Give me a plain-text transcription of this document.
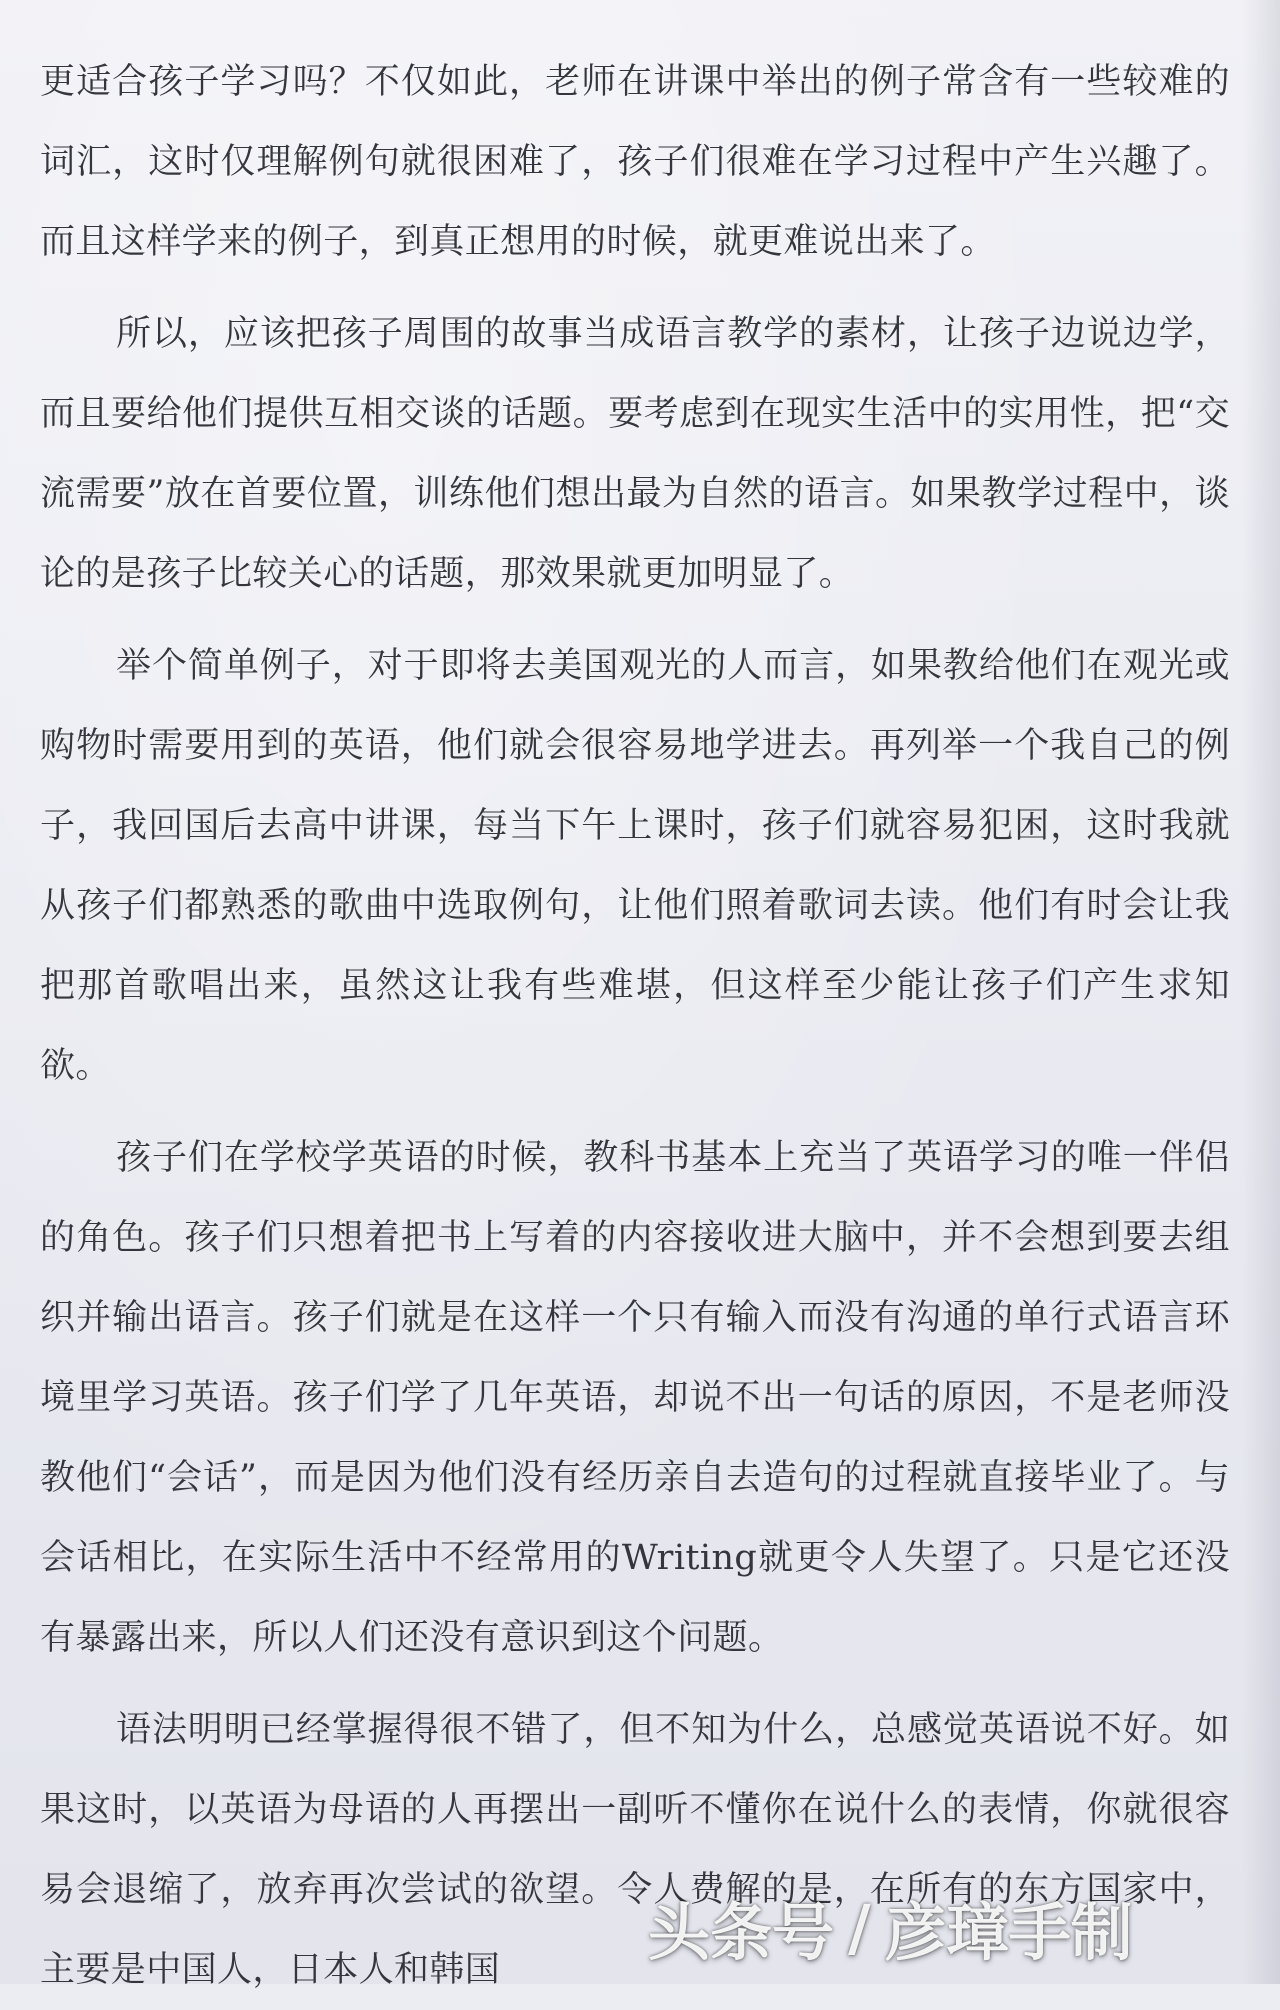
更适合孩子学习吗？不仅如此，老师在讲课中举出的例子常含有一些较难的词汇，这时仅理解例句就很困难了，孩子们很难在学习过程中产生兴趣了。而且这样学来的例子，到真正想用的时候，就更难说出来了。

所以，应该把孩子周围的故事当成语言教学的素材，让孩子边说边学，而且要给他们提供互相交谈的话题。要考虑到在现实生活中的实用性，把“交流需要”放在首要位置，训练他们想出最为自然的语言。如果教学过程中，谈论的是孩子比较关心的话题，那效果就更加明显了。

举个简单例子，对于即将去美国观光的人而言，如果教给他们在观光或购物时需要用到的英语，他们就会很容易地学进去。再列举一个我自己的例子，我回国后去高中讲课，每当下午上课时，孩子们就容易犯困，这时我就从孩子们都熟悉的歌曲中选取例句，让他们照着歌词去读。他们有时会让我把那首歌唱出来，虽然这让我有些难堪，但这样至少能让孩子们产生求知欲。

孩子们在学校学英语的时候，教科书基本上充当了英语学习的唯一伴侣的角色。孩子们只想着把书上写着的内容接收进大脑中，并不会想到要去组织并输出语言。孩子们就是在这样一个只有输入而没有沟通的单行式语言环境里学习英语。孩子们学了几年英语，却说不出一句话的原因，不是老师没教他们“会话”，而是因为他们没有经历亲自去造句的过程就直接毕业了。与会话相比，在实际生活中不经常用的Writing就更令人失望了。只是它还没有暴露出来，所以人们还没有意识到这个问题。

语法明明已经掌握得很不错了，但不知为什么，总感觉英语说不好。如果这时，以英语为母语的人再摆出一副听不懂你在说什么的表情，你就很容易会退缩了，放弃再次尝试的欲望。令人费解的是，在所有的东方国家中，主要是中国人，日本人和韩国

头条号 / 彦璋手制
